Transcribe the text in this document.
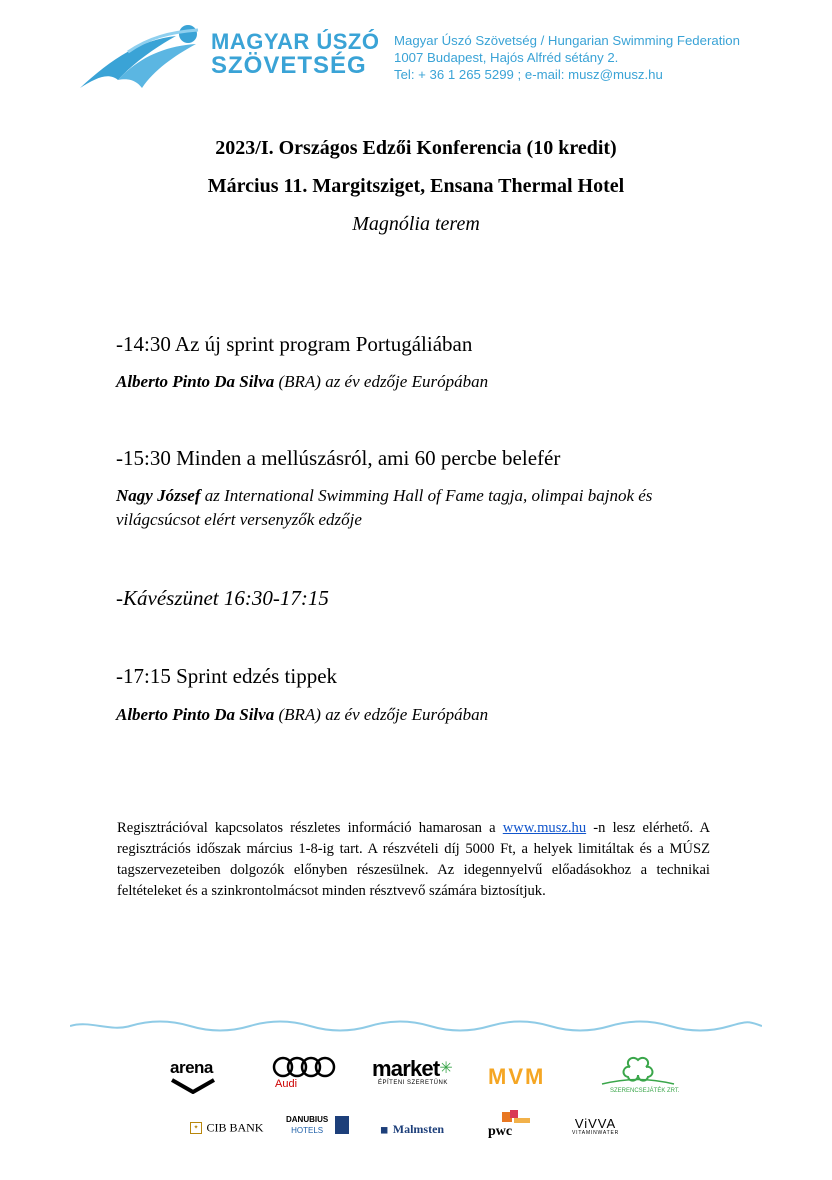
MAGYAR ÚSZÓ
SZÖVETSÉG
Magyar Úszó Szövetség / Hungarian Swimming Federation
1007 Budapest, Hajós Alfréd sétány 2.
Tel: + 36 1 265 5299 ; e-mail: musz@musz.hu
2023/I. Országos Edzői Konferencia (10 kredit)
Március 11. Margitsziget, Ensana Thermal Hotel
Magnólia terem
-14:30 Az új sprint program Portugáliában
Alberto Pinto Da Silva (BRA) az év edzője Európában
-15:30 Minden a mellúszásról, ami 60 percbe belefér
Nagy József az International Swimming Hall of Fame tagja, olimpai bajnok és világcsúcsot elért versenyzők edzője
-Kávészünet 16:30-17:15
-17:15 Sprint edzés tippek
Alberto Pinto Da Silva (BRA) az év edzője Európában
Regisztrációval kapcsolatos részletes információ hamarosan a www.musz.hu -n lesz elérhető. A regisztrációs időszak március 1-8-ig tart. A részvételi díj 5000 Ft, a helyek limitáltak és a MÚSZ tagszervezeteiben dolgozók előnyben részesülnek. Az idegennyelvű előadásokhoz a technikai feltételeket és a szinkrontolmácsot minden résztvevő számára biztosítjuk.
arena
Audi
market✳
ÉPÍTENI SZERETÜNK MVM
SZERENCSEJÁTÉK ZRT.
✦ CIB BANK
DANUBIUS
HOTELS
	◼ Malmsten	pwc
ViVVA
VITAMINWATER
